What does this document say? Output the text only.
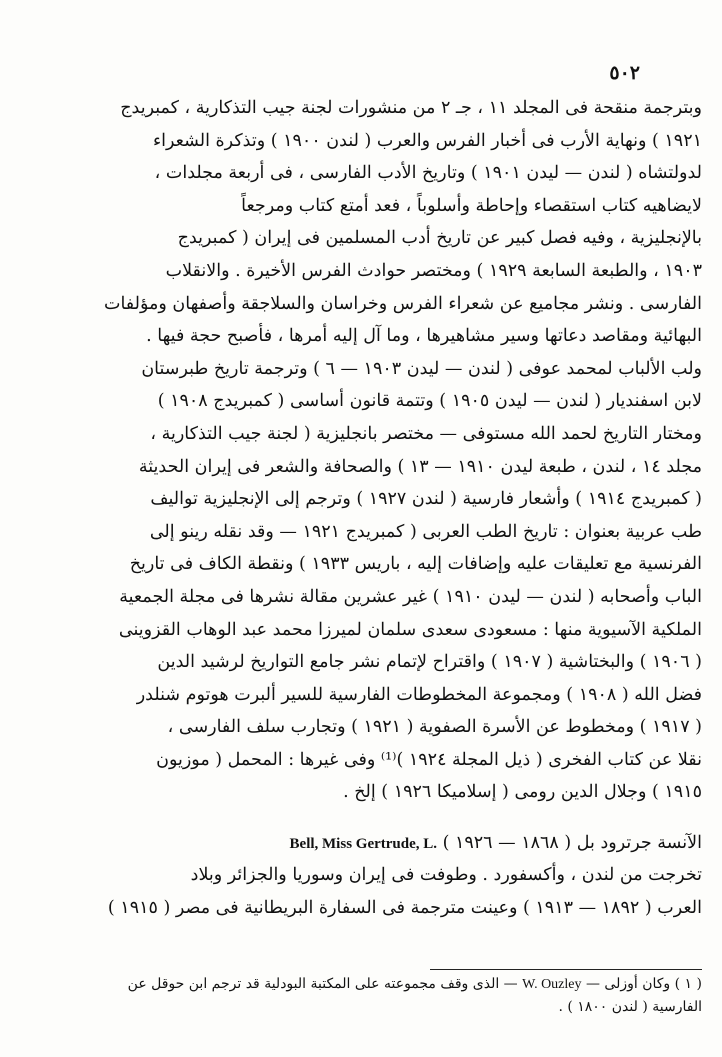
٥٠٢
وبترجمة منقحة فى المجلد ١١ ، جـ ٢ من منشورات لجنة جيب التذكارية ، كمبريدج
١٩٢١ ) ونهاية الأرب فى أخبار الفرس والعرب ( لندن ١٩٠٠ ) وتذكرة الشعراء
لدولتشاه ( لندن — ليدن ١٩٠١ ) وتاريخ الأدب الفارسى ، فى أربعة مجلدات ،
لايضاهيه كتاب استقصاء وإحاطة وأسلوباً ، فعد أمتع كتاب ومرجعاً
بالإنجليزية ، وفيه فصل كبير عن تاريخ أدب المسلمين فى إيران ( كمبريدج
١٩٠٣ ، والطبعة السابعة ١٩٢٩ ) ومختصر حوادث الفرس الأخيرة . والانقلاب
الفارسى . ونشر مجاميع عن شعراء الفرس وخراسان والسلاجقة وأصفهان ومؤلفات
البهائية ومقاصد دعاتها وسير مشاهيرها ، وما آل إليه أمرها ، فأصبح حجة فيها .
ولب الألباب لمحمد عوفى ( لندن — ليدن ١٩٠٣ — ٦ ) وترجمة تاريخ طبرستان
لابن اسفنديار ( لندن — ليدن ١٩٠٥ ) وتتمة قانون أساسى ( كمبريدج ١٩٠٨ )
ومختار التاريخ لحمد الله مستوفى — مختصر بانجليزية ( لجنة جيب التذكارية ،
مجلد ١٤ ، لندن ، طبعة ليدن ١٩١٠ — ١٣ ) والصحافة والشعر فى إيران الحديثة
( كمبريدج ١٩١٤ ) وأشعار فارسية ( لندن ١٩٢٧ ) وترجم إلى الإنجليزية تواليف
طب عربية بعنوان : تاريخ الطب العربى ( كمبريدج ١٩٢١ — وقد نقله رينو إلى
الفرنسية مع تعليقات عليه وإضافات إليه ، باريس ١٩٣٣ ) ونقطة الكاف فى تاريخ
الباب وأصحابه ( لندن — ليدن ١٩١٠ ) غير عشرين مقالة نشرها فى مجلة الجمعية
الملكية الآسيوية منها : مسعودى سعدى سلمان لميرزا محمد عبد الوهاب القزوينى
( ١٩٠٦ ) والبختاشية ( ١٩٠٧ ) واقتراح لإتمام نشر جامع التواريخ لرشيد الدين
فضل الله ( ١٩٠٨ ) ومجموعة المخطوطات الفارسية للسير ألبرت هوتوم شنلدر
( ١٩١٧ ) ومخطوط عن الأسرة الصفوية ( ١٩٢١ ) وتجارب سلف الفارسى ،
نقلا عن كتاب الفخرى ( ذيل المجلة ١٩٢٤ )⁽¹⁾ وفى غيرها : المحمل ( موزيون
١٩١٥ ) وجلال الدين رومى ( إسلاميكا ١٩٢٦ ) إلخ .
الآنسة جرترود بل ( ١٨٦٨ — ١٩٢٦ ) Bell, Miss Gertrude, L.
تخرجت من لندن ، وأكسفورد . وطوفت فى إيران وسوريا والجزائر وبلاد
العرب ( ١٨٩٢ — ١٩١٣ ) وعينت مترجمة فى السفارة البريطانية فى مصر ( ١٩١٥ )
( ١ ) وكان أوزلى — W. Ouzley — الذى وقف مجموعته على المكتبة البودلية قد ترجم ابن حوقل عن
الفارسية ( لندن ١٨٠٠ ) .
